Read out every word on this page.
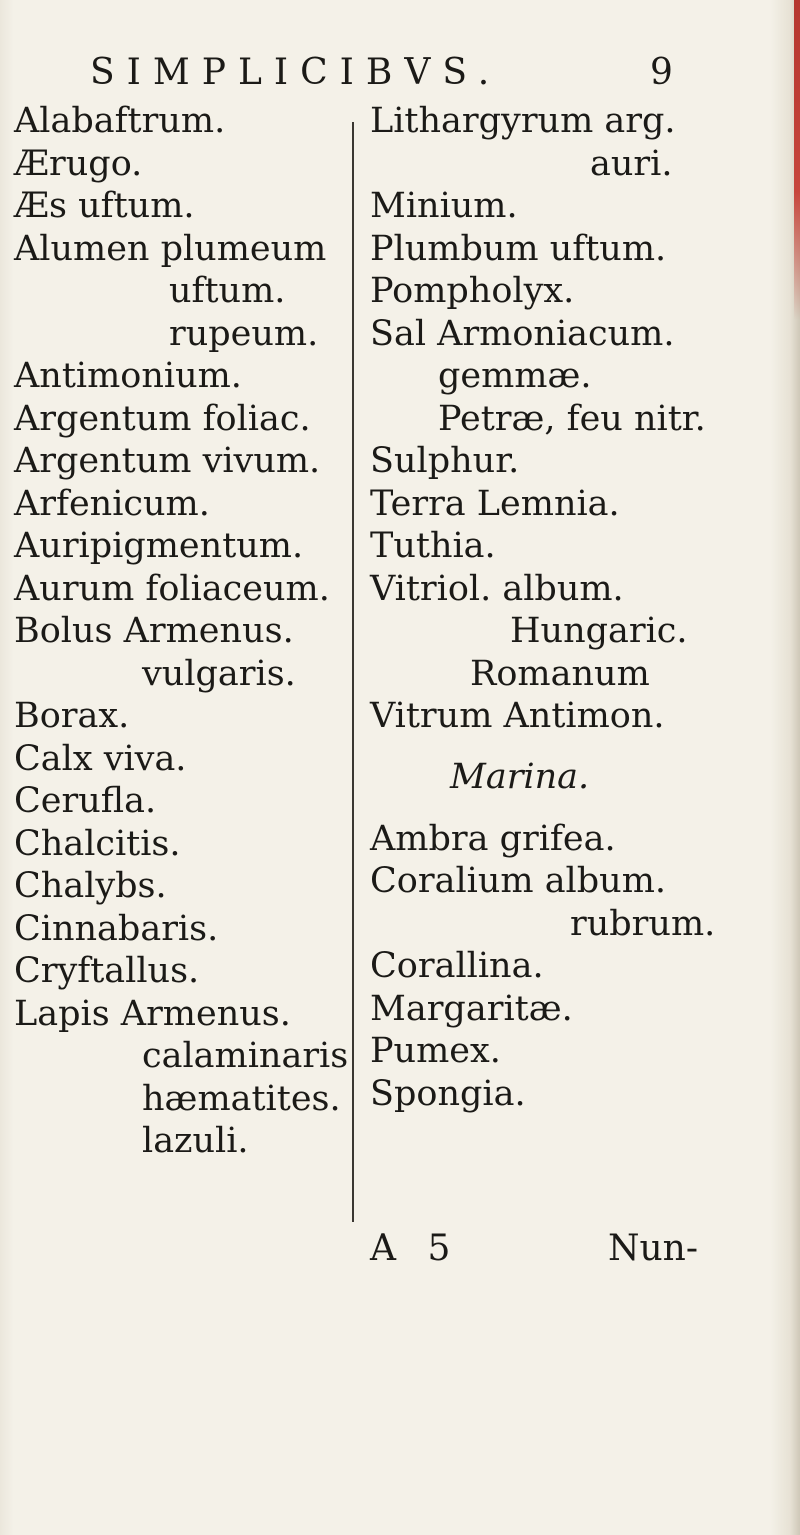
SIMPLICIBVS.	9
Alabaftrum.
Ærugo.
Æs uftum.
Alumen plumeum
uftum.
rupeum.
Antimonium.
Argentum foliac.
Argentum vivum.
Arfenicum.
Auripigmentum.
Aurum foliaceum.
Bolus Armenus.
vulgaris.
Borax.
Calx viva.
Cerufla.
Chalcitis.
Chalybs.
Cinnabaris.
Cryftallus.
Lapis Armenus.
calaminaris
hæmatites.
lazuli.
Lithargyrum arg.
auri.
Minium.
Plumbum uftum.
Pompholyx.
Sal Armoniacum.
gemmæ.
Petræ, feu nitr.
Sulphur.
Terra Lemnia.
Tuthia.
Vitriol. album.
Hungaric.
Romanum
Vitrum Antimon.
Marina.
Ambra grifea.
Coralium album.
rubrum.
Corallina.
Margaritæ.
Pumex.
Spongia.
A 5	Nun-
